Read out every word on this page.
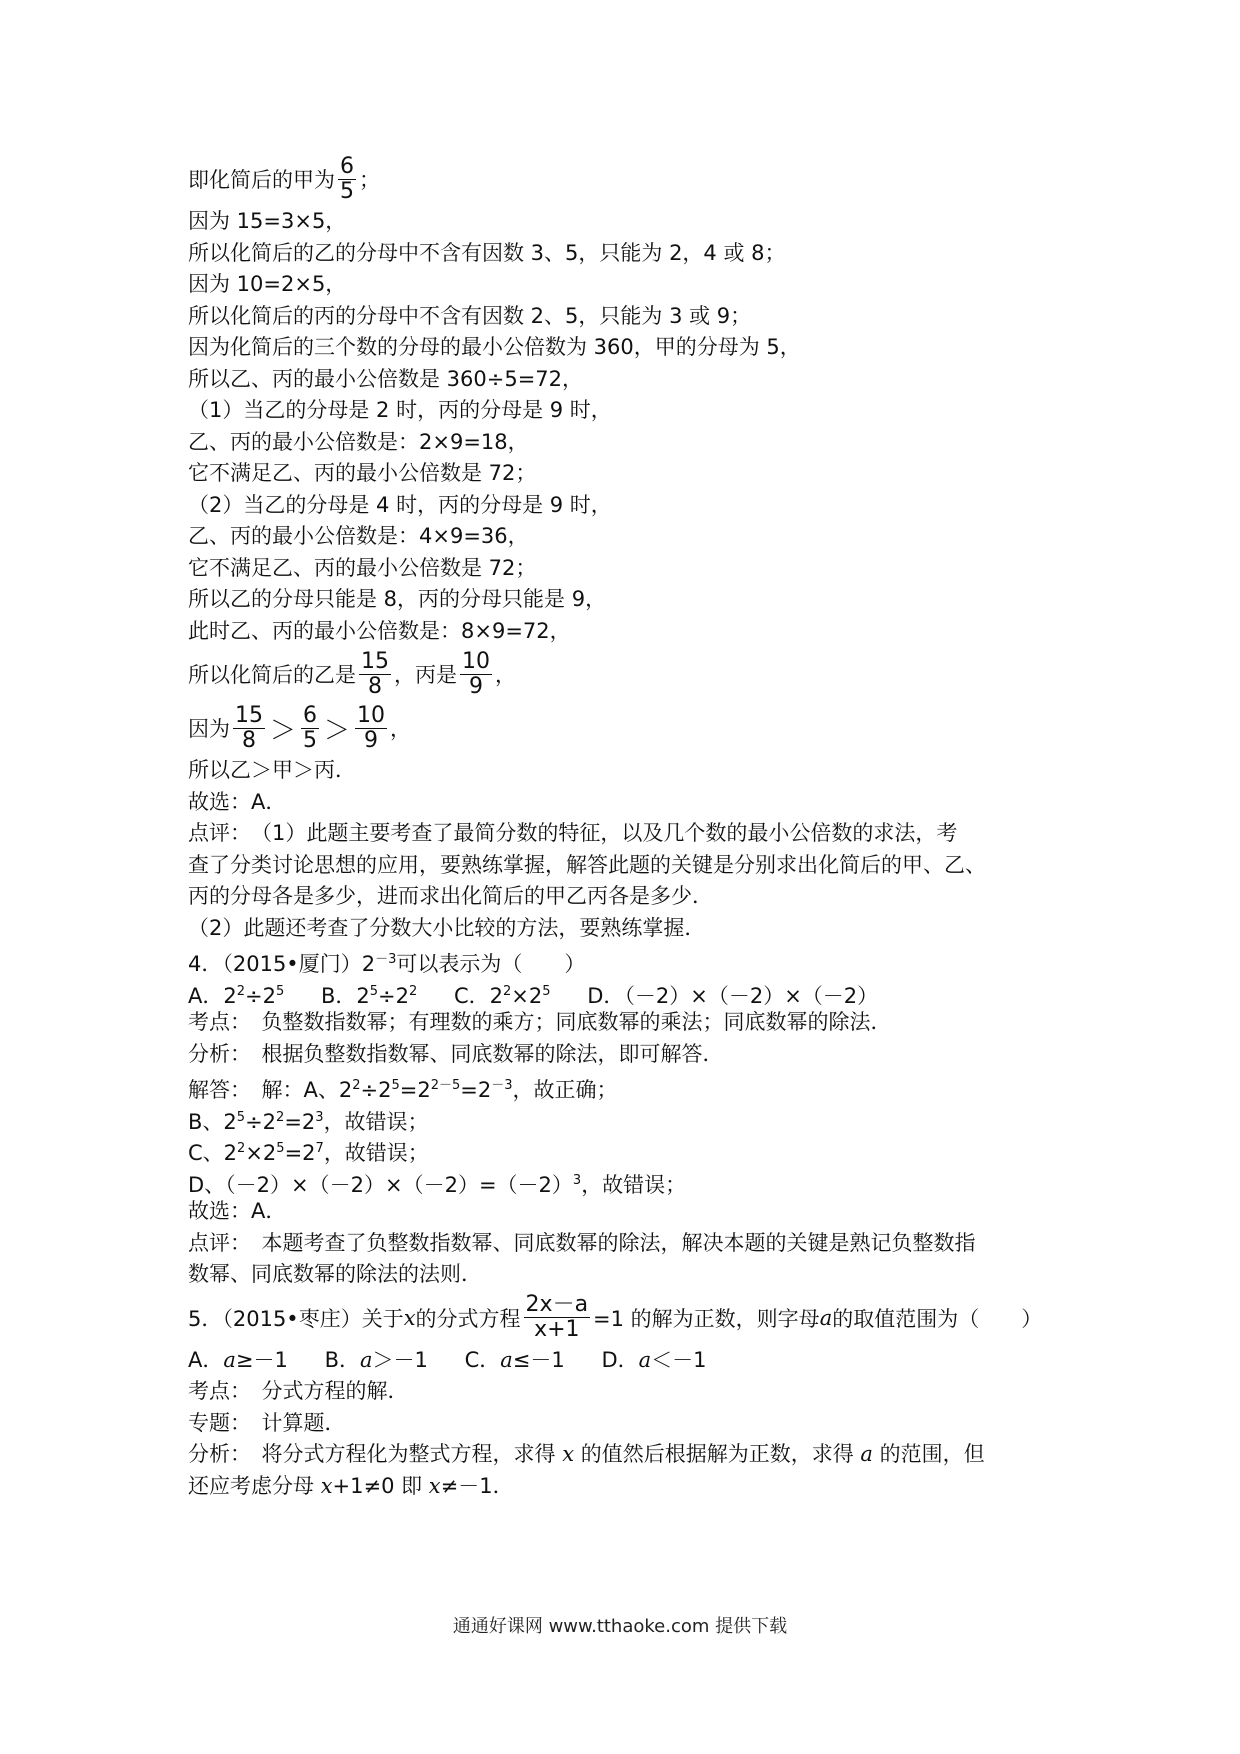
即化简后的甲为 $\frac{6}{5}$ ；
因为 15=3×5，
所以化简后的乙的分母中不含有因数 3、5，只能为 2，4 或 8；
因为 10=2×5，
所以化简后的丙的分母中不含有因数 2、5，只能为 3 或 9；
因为化简后的三个数的分母的最小公倍数为 360，甲的分母为 5，
所以乙、丙的最小公倍数是 360÷5=72，
（1）当乙的分母是 2 时，丙的分母是 9 时，
乙、丙的最小公倍数是：2×9=18，
它不满足乙、丙的最小公倍数是 72；
（2）当乙的分母是 4 时，丙的分母是 9 时，
乙、丙的最小公倍数是：4×9=36，
它不满足乙、丙的最小公倍数是 72；
所以乙的分母只能是 8，丙的分母只能是 9，
此时乙、丙的最小公倍数是：8×9=72，
所以化简后的乙是 $\frac{15}{8}$ ，丙是 $\frac{10}{9}$ ，
因为 $\frac{15}{8} > \frac{6}{5} > \frac{10}{9}$ ，
所以乙＞甲＞丙．
故选：A．
点评：　（1）此题主要考查了最简分数的特征，以及几个数的最小公倍数的求法，考
查了分类讨论思想的应用，要熟练掌握，解答此题的关键是分别求出化简后的甲、乙、
丙的分母各是多少，进而求出化简后的甲乙丙各是多少．
（2）此题还考查了分数大小比较的方法，要熟练掌握．
4．（2015•厦门）$2^{-3}$可以表示为（　　）
A．$2^2\div 2^5$ B．$2^5\div 2^2$ C．$2^2\times 2^5$ D．（－2）×（－2）×（－2）
考点：　负整数指数幂；有理数的乘方；同底数幂的乘法；同底数幂的除法．
分析：　根据负整数指数幂、同底数幂的除法，即可解答．
解答：　解：A、$2^2\div 2^5=2^{2-5}=2^{-3}$，故正确；
B、$2^5\div 2^2=2^3$，故错误；
C、$2^2\times 2^5=2^7$，故错误；
D、$(-2)\times(-2)\times(-2)=(-2)^3$，故错误；
故选：A．
点评：　本题考查了负整数指数幂、同底数幂的除法，解决本题的关键是熟记负整数指
数幂、同底数幂的除法的法则．
5．（2015•枣庄）关于 x 的分式方程 $\frac{2x-a}{x+1} =1$ 的解为正数，则字母 a 的取值范围为（　　）
A．a≥－1 B．a＞－1 C．a≤－1 D．a＜－1
考点：　分式方程的解．
专题：　计算题．
分析：　将分式方程化为整式方程，求得 x 的值然后根据解为正数，求得 a 的范围，但
还应考虑分母 x+1≠0 即 x≠－1．
通通好课网 www.tthaoke.com 提供下载
